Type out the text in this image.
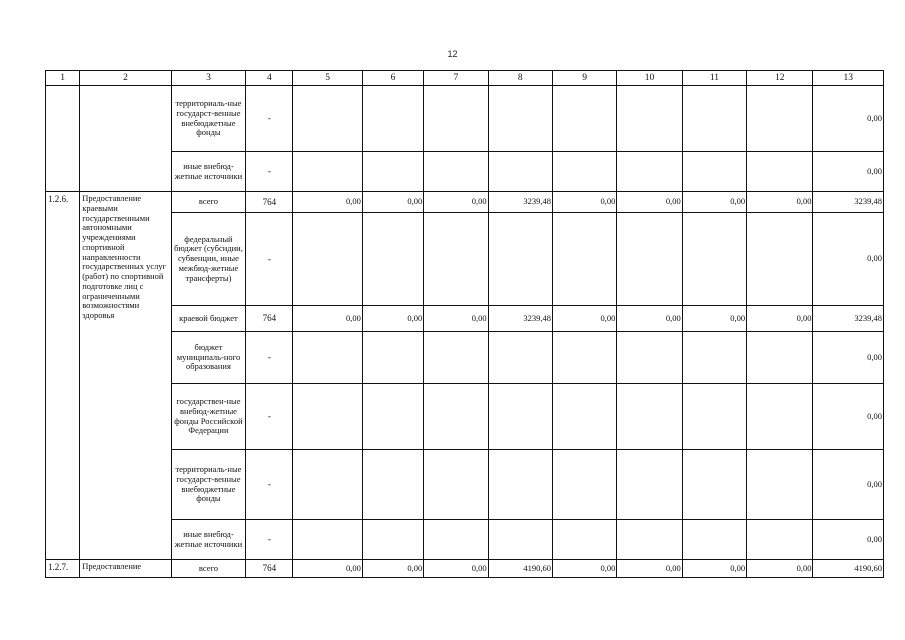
12
1	2	3	4	5	6	7	8	9	10	11	12	13
		территориаль-ные государст-венные внебюджетные фонды	-									0,00
		иные внебюд-жетные источники	-									0,00
1.2.6.	Предоставление краевыми государственными автономными учреждениями спортивной направленности государственных услуг (работ) по спортивной подготовке лиц с ограниченными возможностями здоровья	всего	764	0,00	0,00	0,00	3239,48	0,00	0,00	0,00	0,00	3239,48
		федеральный бюджет (субсидии, субвенции, иные межбюд-жетные трансферты)	-									0,00
		краевой бюджет	764	0,00	0,00	0,00	3239,48	0,00	0,00	0,00	0,00	3239,48
		бюджет муниципаль-ного образования	-									0,00
		государствен-ные внебюд-жетные фонды Российской Федерации	-									0,00
		территориаль-ные государст-венные внебюджетные фонды	-									0,00
		иные внебюд-жетные источники	-									0,00
1.2.7.	Предоставление	всего	764	0,00	0,00	0,00	4190,60	0,00	0,00	0,00	0,00	4190,60
